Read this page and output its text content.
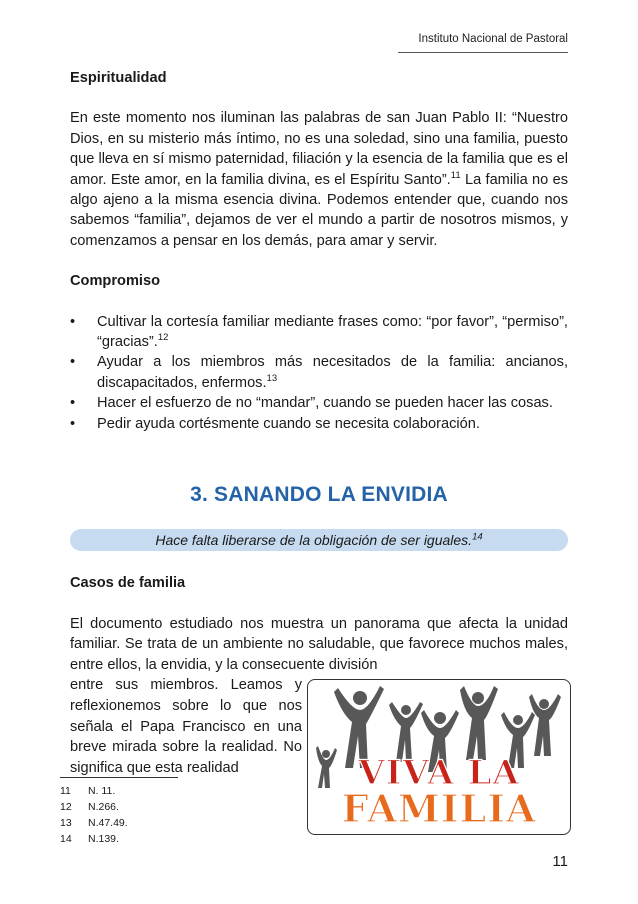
Instituto Nacional de Pastoral

Espiritualidad

En este momento nos iluminan las palabras de san Juan Pablo II: “Nuestro Dios, en su misterio más íntimo, no es una soledad, sino una familia, puesto que lleva en sí mismo paternidad, filiación y la esencia de la familia que es el amor. Este amor, en la familia divina, es el Espíritu Santo”.$^{11}$ La familia no es algo ajeno a la misma esencia divina. Podemos entender que, cuando nos sabemos “familia”, dejamos de ver el mundo a partir de nosotros mismos, y comenzamos a pensar en los demás, para amar y servir.

Compromiso

• Cultivar la cortesía familiar mediante frases como: “por favor”, “permiso”, “gracias”.$^{12}$
• Ayudar a los miembros más necesitados de la familia: ancianos, discapacitados, enfermos.$^{13}$
• Hacer el esfuerzo de no “mandar”, cuando se pueden hacer las cosas.
• Pedir ayuda cortésmente cuando se necesita colaboración.
3. SANANDO LA ENVIDIA
Hace falta liberarse de la obligación de ser iguales.$^{14}$

Casos de familia

El documento estudiado nos muestra un panorama que afecta la unidad familiar. Se trata de un ambiente no saludable, que favorece muchos males, entre ellos, la envidia, y la consecuente división

entre sus miembros. Leamos y reflexionemos sobre lo que nos señala el Papa Francisco en una breve mirada sobre la realidad. No significa que esta realidad	VIVA LA
FAMILIA
11	N. 11.
12	N.266.
13	N.47.49.
14	N.139.
11
